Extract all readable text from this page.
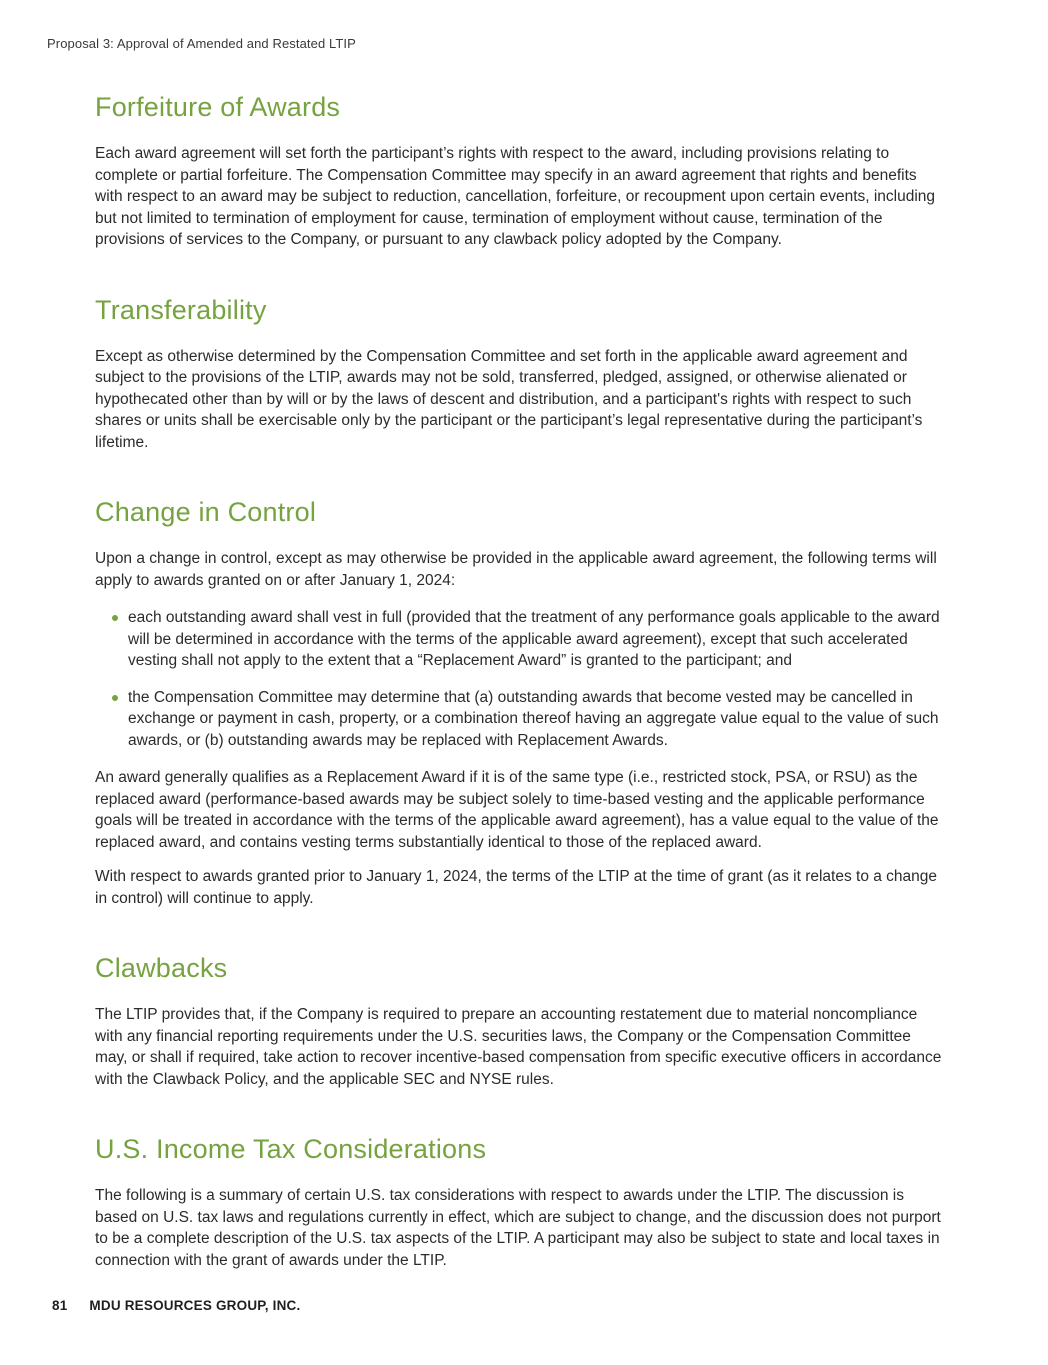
Proposal 3: Approval of Amended and Restated LTIP
Forfeiture of Awards

Each award agreement will set forth the participant’s rights with respect to the award, including provisions relating to complete or partial forfeiture. The Compensation Committee may specify in an award agreement that rights and benefits with respect to an award may be subject to reduction, cancellation, forfeiture, or recoupment upon certain events, including but not limited to termination of employment for cause, termination of employment without cause, termination of the provisions of services to the Company, or pursuant to any clawback policy adopted by the Company.

Transferability

Except as otherwise determined by the Compensation Committee and set forth in the applicable award agreement and subject to the provisions of the LTIP, awards may not be sold, transferred, pledged, assigned, or otherwise alienated or hypothecated other than by will or by the laws of descent and distribution, and a participant's rights with respect to such shares or units shall be exercisable only by the participant or the participant’s legal representative during the participant’s lifetime.

Change in Control

Upon a change in control, except as may otherwise be provided in the applicable award agreement, the following terms will apply to awards granted on or after January 1, 2024:

each outstanding award shall vest in full (provided that the treatment of any performance goals applicable to the award will be determined in accordance with the terms of the applicable award agreement), except that such accelerated vesting shall not apply to the extent that a “Replacement Award” is granted to the participant; and
the Compensation Committee may determine that (a) outstanding awards that become vested may be cancelled in exchange or payment in cash, property, or a combination thereof having an aggregate value equal to the value of such awards, or (b) outstanding awards may be replaced with Replacement Awards.

An award generally qualifies as a Replacement Award if it is of the same type (i.e., restricted stock, PSA, or RSU) as the replaced award (performance-based awards may be subject solely to time-based vesting and the applicable performance goals will be treated in accordance with the terms of the applicable award agreement), has a value equal to the value of the replaced award, and contains vesting terms substantially identical to those of the replaced award.

With respect to awards granted prior to January 1, 2024, the terms of the LTIP at the time of grant (as it relates to a change in control) will continue to apply.

Clawbacks

The LTIP provides that, if the Company is required to prepare an accounting restatement due to material noncompliance with any financial reporting requirements under the U.S. securities laws, the Company or the Compensation Committee may, or shall if required, take action to recover incentive-based compensation from specific executive officers in accordance with the Clawback Policy, and the applicable SEC and NYSE rules.

U.S. Income Tax Considerations

The following is a summary of certain U.S. tax considerations with respect to awards under the LTIP. The discussion is based on U.S. tax laws and regulations currently in effect, which are subject to change, and the discussion does not purport to be a complete description of the U.S. tax aspects of the LTIP. A participant may also be subject to state and local taxes in connection with the grant of awards under the LTIP.

81 MDU RESOURCES GROUP, INC.
